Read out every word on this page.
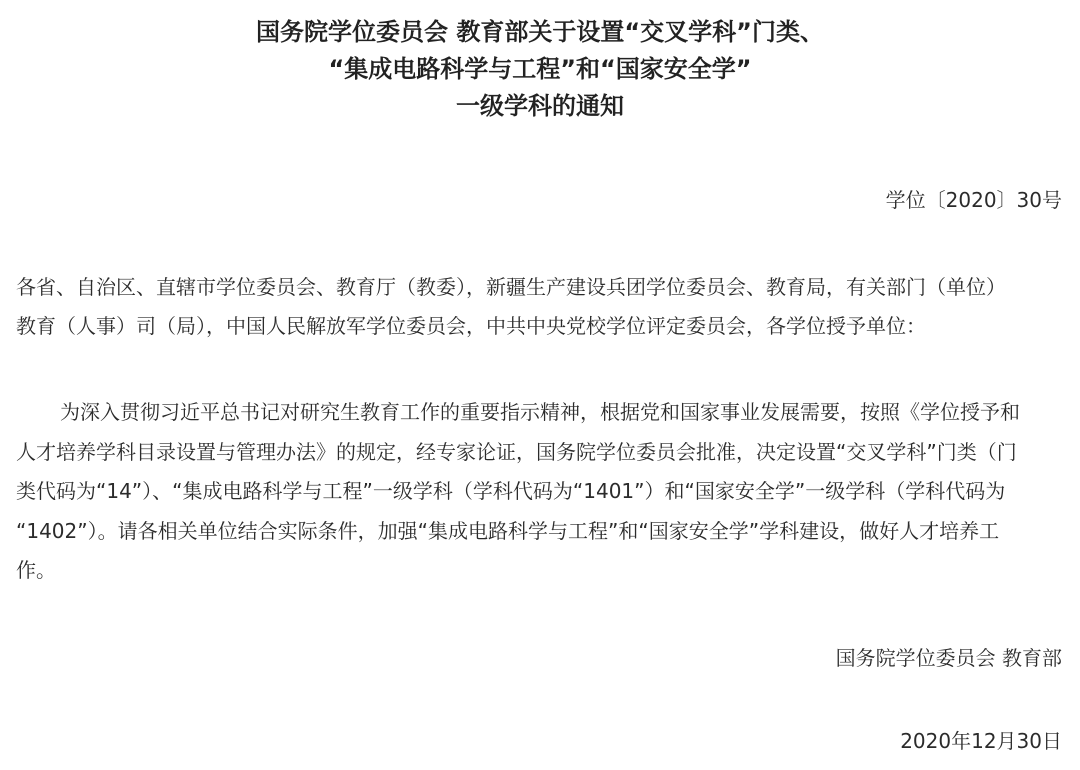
国务院学位委员会 教育部关于设置“交叉学科”门类、
“集成电路科学与工程”和“国家安全学”
一级学科的通知
学位〔2020〕30号
各省、自治区、直辖市学位委员会、教育厅（教委），新疆生产建设兵团学位委员会、教育局，有关部门（单位）
教育（人事）司（局），中国人民解放军学位委员会，中共中央党校学位评定委员会，各学位授予单位：
为深入贯彻习近平总书记对研究生教育工作的重要指示精神，根据党和国家事业发展需要，按照《学位授予和
人才培养学科目录设置与管理办法》的规定，经专家论证，国务院学位委员会批准，决定设置“交叉学科”门类（门
类代码为“14”）、“集成电路科学与工程”一级学科（学科代码为“1401”）和“国家安全学”一级学科（学科代码为
“1402”）。请各相关单位结合实际条件，加强“集成电路科学与工程”和“国家安全学”学科建设，做好人才培养工
作。
国务院学位委员会 教育部
2020年12月30日
